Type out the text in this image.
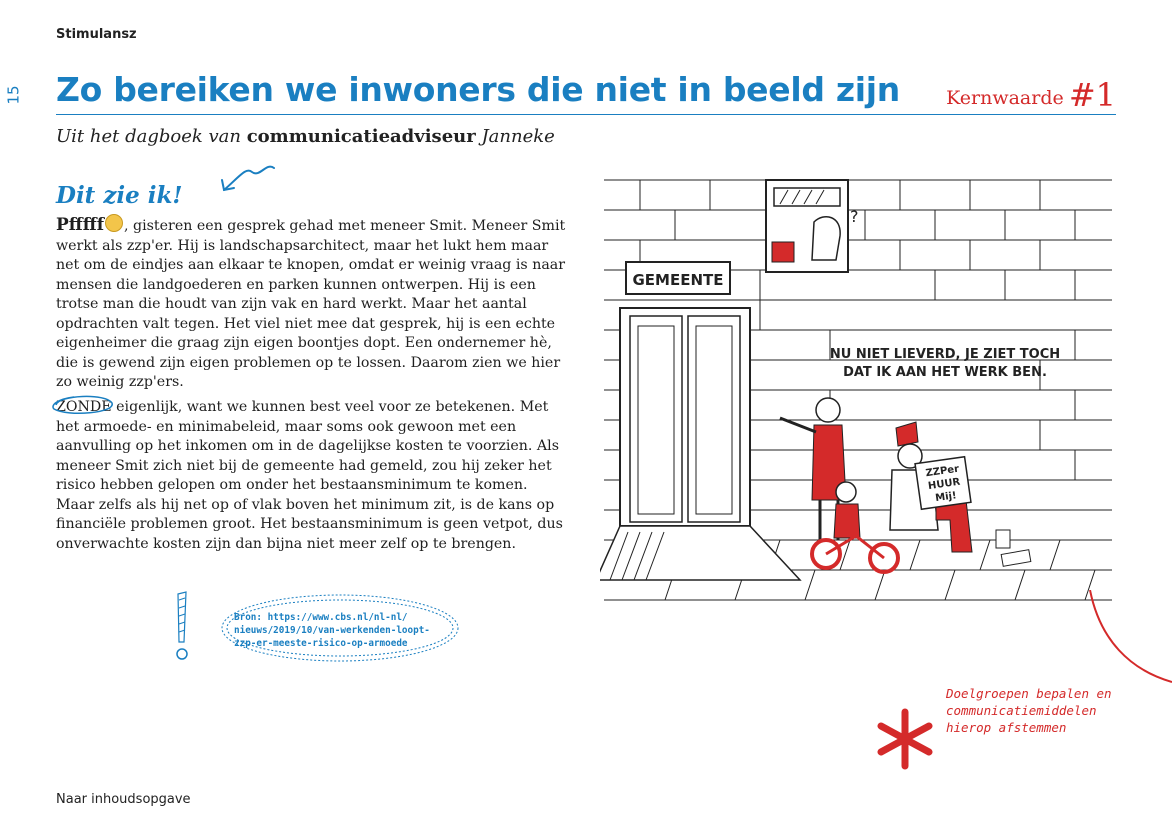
Stimulansz
15 Zo bereiken we inwoners die niet in beeld zijn Kernwaarde #1
Uit het dagboek van communicatieadviseur Janneke
Dit zie ik!
Pfffff , gisteren een gesprek gehad met meneer Smit. Meneer Smit werkt als zzp'er. Hij is landschapsarchitect, maar het lukt hem maar net om de eindjes aan elkaar te knopen, omdat er weinig vraag is naar mensen die landgoederen en parken kunnen ontwerpen. Hij is een trotse man die houdt van zijn vak en hard werkt. Maar het aantal opdrachten valt tegen. Het viel niet mee dat gesprek, hij is een echte eigenheimer die graag zijn eigen boontjes dopt. Een ondernemer hè, die is gewend zijn eigen problemen op te lossen. Daarom zien we hier zo weinig zzp'ers.
ZONDE eigenlijk, want we kunnen best veel voor ze betekenen. Met het armoede- en minimabeleid, maar soms ook gewoon met een aanvulling op het inkomen om in de dagelijkse kosten te voorzien. Als meneer Smit zich niet bij de gemeente had gemeld, zou hij zeker het risico hebben gelopen om onder het bestaansminimum te komen. Maar zelfs als hij net op of vlak boven het minimum zit, is de kans op financiële problemen groot. Het bestaansminimum is geen vetpot, dus onverwachte kosten zijn dan bijna niet meer zelf op te brengen.
Bron: https://www.cbs.nl/nl-nl/
nieuws/2019/10/van-werkenden-loopt-
zzp-er-meeste-risico-op-armoede
?
GEMEENTE
NU NIET LIEVERD, JE ZIET TOCH
DAT IK AAN HET WERK BEN.
ZZPer
HUUR
Mij!
Doelgroepen bepalen en
communicatiemiddelen
hierop afstemmen
Naar inhoudsopgave
